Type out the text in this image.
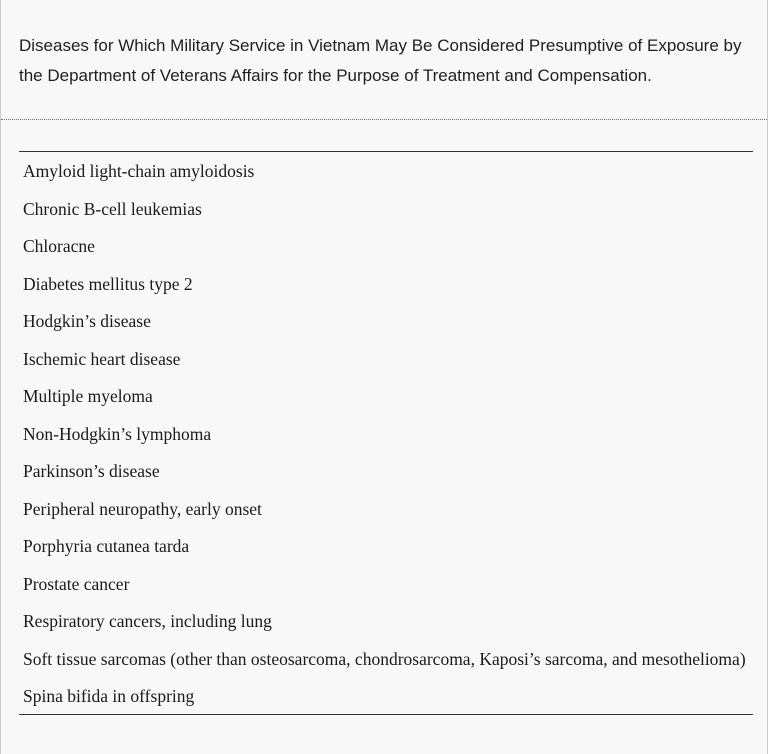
Diseases for Which Military Service in Vietnam May Be Considered Presumptive of Exposure by the Department of Veterans Affairs for the Purpose of Treatment and Compensation.
Amyloid light-chain amyloidosis
Chronic B-cell leukemias
Chloracne
Diabetes mellitus type 2
Hodgkin’s disease
Ischemic heart disease
Multiple myeloma
Non-Hodgkin’s lymphoma
Parkinson’s disease
Peripheral neuropathy, early onset
Porphyria cutanea tarda
Prostate cancer
Respiratory cancers, including lung
Soft tissue sarcomas (other than osteosarcoma, chondrosarcoma, Kaposi’s sarcoma, and mesothelioma)
Spina bifida in offspring
